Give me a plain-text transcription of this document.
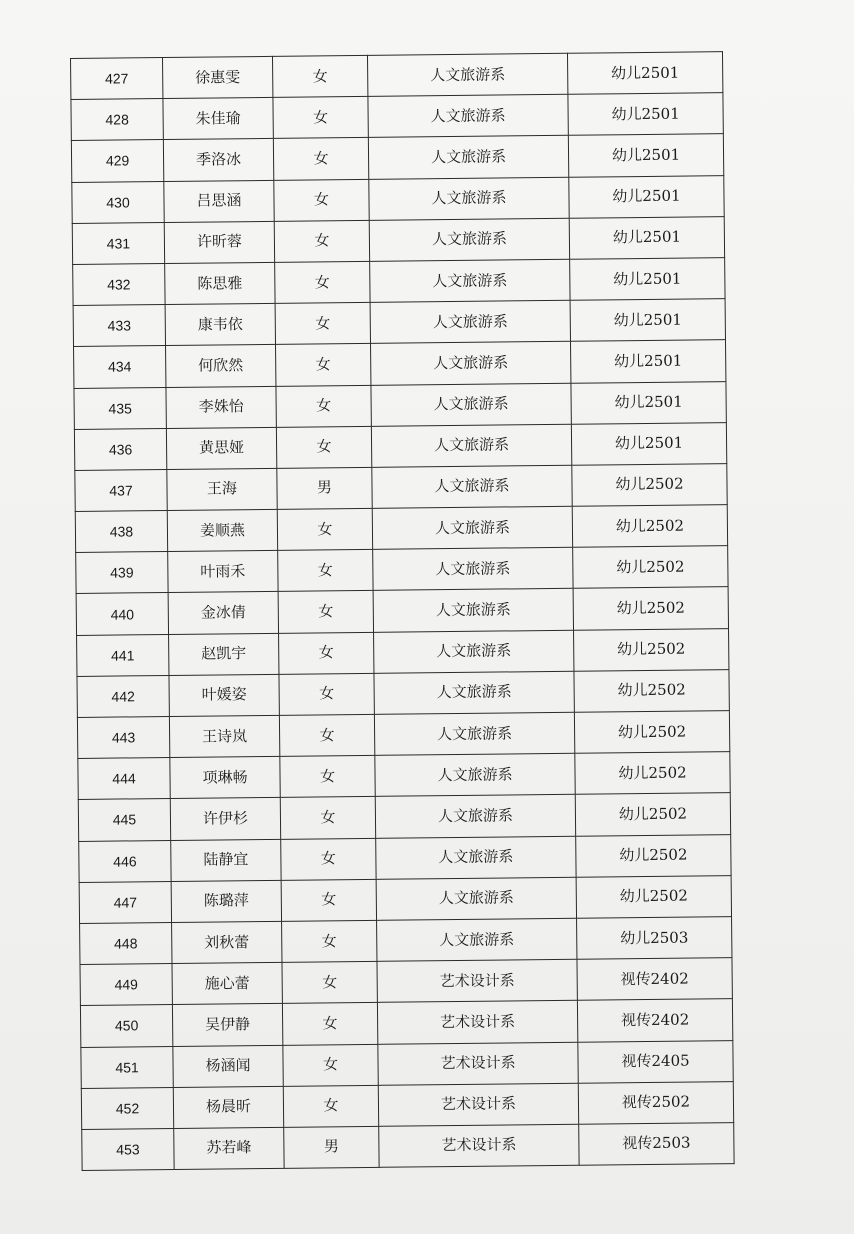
427	徐惠雯	女	人文旅游系	幼儿2501
428	朱佳瑜	女	人文旅游系	幼儿2501
429	季洛冰	女	人文旅游系	幼儿2501
430	吕思涵	女	人文旅游系	幼儿2501
431	许昕蓉	女	人文旅游系	幼儿2501
432	陈思雅	女	人文旅游系	幼儿2501
433	康韦依	女	人文旅游系	幼儿2501
434	何欣然	女	人文旅游系	幼儿2501
435	李姝怡	女	人文旅游系	幼儿2501
436	黄思娅	女	人文旅游系	幼儿2501
437	王海	男	人文旅游系	幼儿2502
438	姜顺燕	女	人文旅游系	幼儿2502
439	叶雨禾	女	人文旅游系	幼儿2502
440	金冰倩	女	人文旅游系	幼儿2502
441	赵凯宇	女	人文旅游系	幼儿2502
442	叶媛姿	女	人文旅游系	幼儿2502
443	王诗岚	女	人文旅游系	幼儿2502
444	项琳畅	女	人文旅游系	幼儿2502
445	许伊杉	女	人文旅游系	幼儿2502
446	陆静宜	女	人文旅游系	幼儿2502
447	陈璐萍	女	人文旅游系	幼儿2502
448	刘秋蕾	女	人文旅游系	幼儿2503
449	施心蕾	女	艺术设计系	视传2402
450	吴伊静	女	艺术设计系	视传2402
451	杨涵闻	女	艺术设计系	视传2405
452	杨晨昕	女	艺术设计系	视传2502
453	苏若峰	男	艺术设计系	视传2503
